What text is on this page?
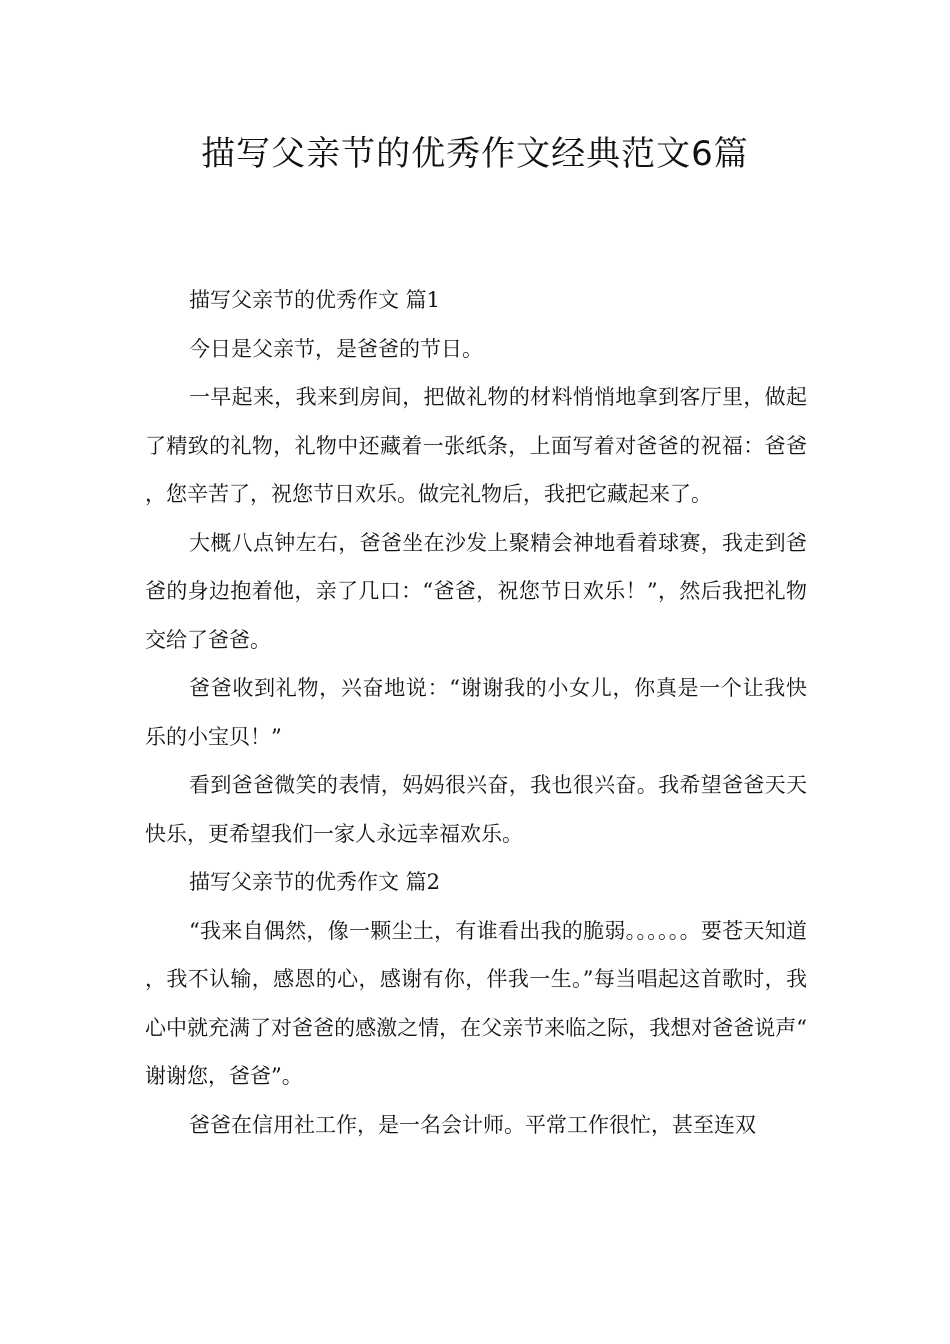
描写父亲节的优秀作文经典范文6篇

描写父亲节的优秀作文 篇1

今日是父亲节，是爸爸的节日。

一早起来，我来到房间，把做礼物的材料悄悄地拿到客厅里，做起了精致的礼物，礼物中还藏着一张纸条，上面写着对爸爸的祝福：爸爸，您辛苦了，祝您节日欢乐。做完礼物后，我把它藏起来了。

大概八点钟左右，爸爸坐在沙发上聚精会神地看着球赛，我走到爸爸的身边抱着他，亲了几口：“爸爸，祝您节日欢乐！”，然后我把礼物交给了爸爸。

爸爸收到礼物，兴奋地说：“谢谢我的小女儿，你真是一个让我快乐的小宝贝！”

看到爸爸微笑的表情，妈妈很兴奋，我也很兴奋。我希望爸爸天天快乐，更希望我们一家人永远幸福欢乐。

描写父亲节的优秀作文 篇2

“我来自偶然，像一颗尘土，有谁看出我的脆弱。。。。。。要苍天知道，我不认输，感恩的心，感谢有你，伴我一生。”每当唱起这首歌时，我心中就充满了对爸爸的感激之情，在父亲节来临之际，我想对爸爸说声“谢谢您，爸爸”。

爸爸在信用社工作，是一名会计师。平常工作很忙，甚至连双
